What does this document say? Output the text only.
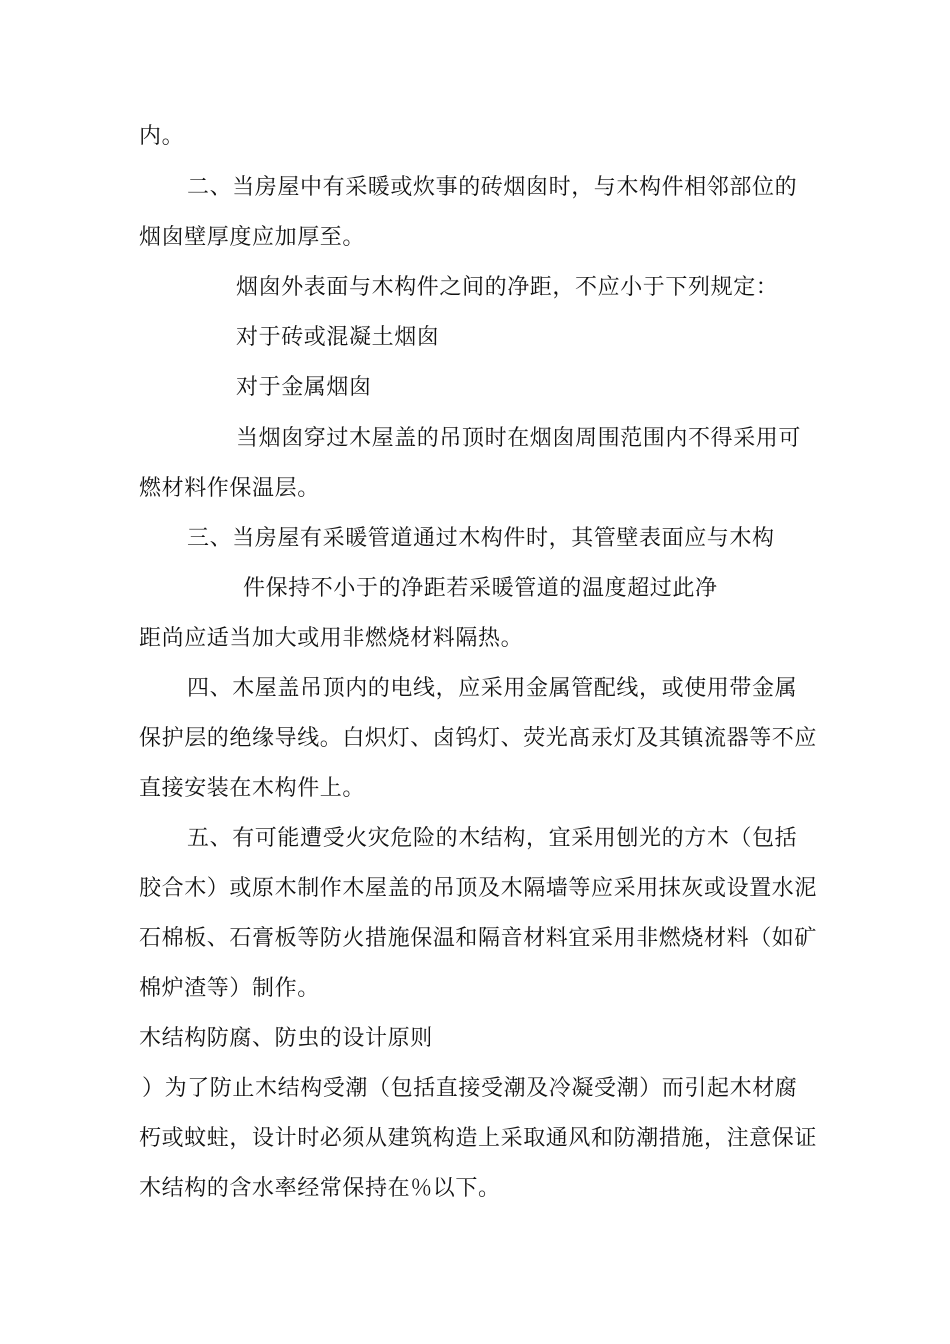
内。
二、当房屋中有采暖或炊事的砖烟囱时，与木构件相邻部位的
烟囱壁厚度应加厚至。
烟囱外表面与木构件之间的净距，不应小于下列规定：
对于砖或混凝土烟囱
对于金属烟囱
当烟囱穿过木屋盖的吊顶时在烟囱周围范围内不得采用可
燃材料作保温层。
三、当房屋有采暖管道通过木构件时，其管壁表面应与木构
件保持不小于的净距若采暖管道的温度超过此净
距尚应适当加大或用非燃烧材料隔热。
四、木屋盖吊顶内的电线，应采用金属管配线，或使用带金属
保护层的绝缘导线。白炽灯、卤钨灯、荧光髙汞灯及其镇流器等不应
直接安装在木构件上。
五、有可能遭受火灾危险的木结构，宜采用刨光的方木（包括
胶合木）或原木制作木屋盖的吊顶及木隔墙等应采用抹灰或设置水泥
石棉板、石膏板等防火措施保温和隔音材料宜采用非燃烧材料（如矿
棉炉渣等）制作。
木结构防腐、防虫的设计原则
）为了防止木结构受潮（包括直接受潮及冷凝受潮）而引起木材腐
朽或蚊蛀，设计时必须从建筑构造上采取通风和防潮措施，注意保证
木结构的含水率经常保持在％以下。
